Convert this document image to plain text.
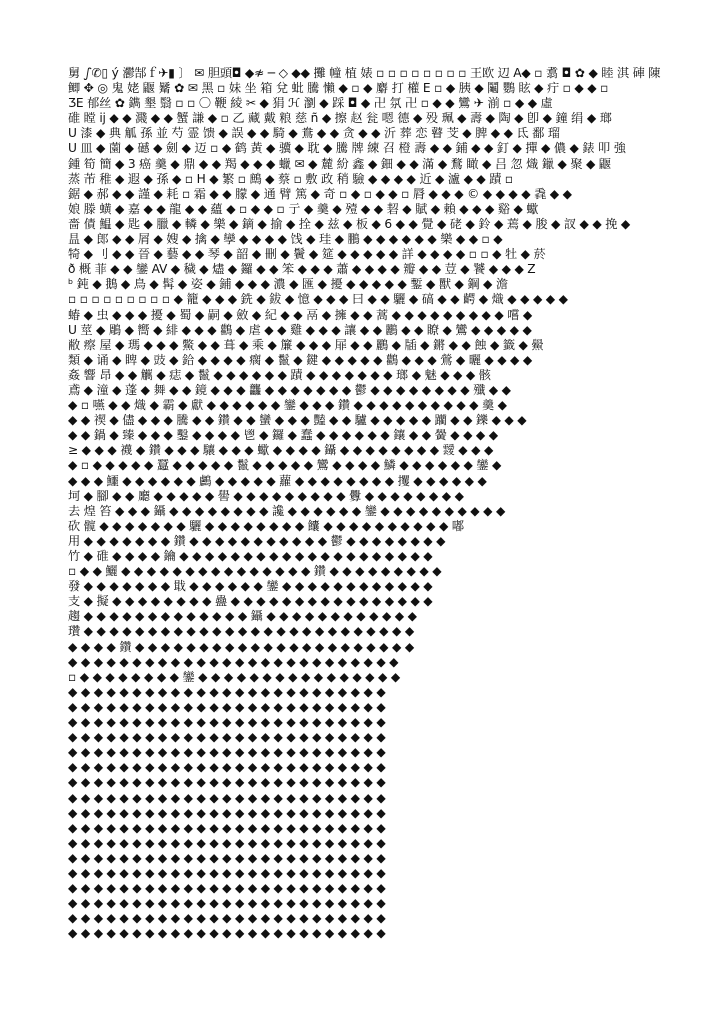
舅 ഽ✆▯ ý 灪郜ｆ✈▮ 〕 ✉ 胆頭◘ ◆≉ ─ ◇ ◆◆ 攤 幢 植 婊 ▫ ▫ ▫ ▫ ▫ ▫ ▫ ▫ 王欧 辺 A◆ ▫ 翥 ◘ ✿ ◆ 睦 淇 硨 陳
鲫 ✥ ◎ 鬼 姥 鼴 觺 ✿ ✉ 黑 ▫ 妹 坐 箱 兌 蚍 騰 懶 ◆ ▫ ◆ 麝 打 權 E ▫ ◆ 胰 ◆ 鬮 鸚 眩 ◆ 疔 ▫ ◆ ◆ ▫
ƷE 郁丝 ✿ 鐫 墾 翳 ▫ ▫ 〇 鞭 綾 ✂ ◆ 狷 ℋ 瀏 ◆ 踩 ◘ ◆ 卍 氛 卍 ▫ ◆ ◆ 鸞 ✈ 湔 ▫ ◆ ◆ 虛
碓 瞠 ij ◆ ◆ 濺 ◆ ◆ 蟹 謙 ◆ ▫ 乙 藏 戴 粮 慈 ñ ◆ 擦 赵 瓮 嗯 德 ◆ 殁 珮 ◆ 壽 ◆ 陶 ◆ 卽 ◆ 鐘 绢 ◆ 瑯
U 漆 ◆ 典 觚 孫 並 芍 霊 馈 ◆ 誤 ◆ ◆ 騎 ◆ 鴦 ◆ ◆ 贪 ◆ ◆ 沂 葬 恋 瞽 芠 ◆ 脾 ◆ ◆ 氐 鄱 瑠
U 皿 ◆ 薗 ◆ 䃭 ◆ 劍 ◆ 迈 ▫ ◆ 鹤 黃 ◆ 骥 ◆ 耽 ◆ 騰 牌 練 召 橙 壽 ◆ ◆ 鋪 ◆ ◆ 釘 ◆ 撣 ◆ 儂 ◆ 錶 叩 強
鍾 筍 簡 ◆ 3 癌 羹 ◆ 鼎 ◆ ◆ 羯 ◆ ◆ ◆ 蠟 ✉ ◆ 麓 紛 鑫 ◆ 鈿 ◆ ◆ 滿 ◆ 鶩 瞰 ◆ 吕 忽 熾 鑞 ◆ 聚 ◆ 鼴
蒸 芾 稚 ◆ 遐 ◆ 孫 ◆ ▫ H ◆ 繁 ▫ 鷓 ◆ 蔡 ▫ 敷 政 稍 驗 ◆ ◆ ◆ ◆ 近 ◆ 瀘 ◆ ◆ 蹟 ▫
鋸 ◆ 郝 ◆ ◆ 謹 ◆ 耗 ▫ 霜 ◆ ◆ 朦 ◆ 通 臂 篤 ◆ 奇 ▫ ◆ ▫ ◆ ◆ ▫ 脣 ◆ ◆ ◆ © ◆ ◆ ◆ ◆ 毳 ◆ ◆
娘 滕 蟥 ◆ 嘉 ◆ ◆ 龍 ◆ ◆ 蘊 ◆ ▫ ◆ ◆ ▫ 亍 ◆ 羹 ◆ 殪 ◆ ◆ 䂮 ◆ 賦 ◆ 賴 ◆ ◆ ◆ 谿 ◆ 蠍
嗇 債 鰛 ◆ 匙 ◆ 臘 ◆ 轔 ◆ 樂 ◆ 鏑 ◆ 揄 ◆ 拴 ◆ 兹 ◆ 板 ◆ 6 ◆ ◆ 覺 ◆ 硓 ◆ 鈴 ◆ 蔫 ◆ 朘 ◆ 訍 ◆ ◆ 挽 ◆
昷 ◆ 郎 ◆ ◆ 屑 ◆ 嫂 ◆ 擒 ◆ 孿 ◆ ◆ ◆ ◆ 饯 ◆ 珪 ◆ 鵬 ◆ ◆ ◆ ◆ ◆ ◆ 樂 ◆ ◆ ▫ ◆
犄 ◆ 刂 ◆ ◆ 晉 ◆ 藝 ◆ ◆ 琴 ◆ 韶 ◆ 刪 ◆ 鬢 ◆ 筵 ◆ ◆ ◆ ◆ ◆ 詳 ◆ ◆ ◆ ◆ ▫ ▫ ◆ 牡 ◆ 菸
ð 概 菲 ◆ ◆ 鑾 AV ◆ 穢 ◆ 燼 ◆ 鑼 ◆ ◆ 笨 ◆ ◆ ◆ 蕭 ◆ ◆ ◆ ◆ 瓣 ◆ ◆ 荳 ◆ 饕 ◆ ◆ ◆ Z
ᵇ 鈍 ◆ 鵝 ◆ 鳥 ◆ 髯 ◆ 姿 ◆ 鋪 ◆ ◆ ◆ 濃 ◆ 匯 ◆ 擾 ◆ ◆ ◆ ◆ ◆ 鏨 ◆ 獸 ◆ 鋼 ◆ 澹
▫ ▫ ▫ ▫ ▫ ▫ ▫ ▫ ▫ ◆ 籠 ◆ ◆ ◆ 銑 ◆ 鈸 ◆ 憶 ◆ ◆ ◆ 曰 ◆ ◆ 驪 ◆ 碻 ◆ ◆ 齶 ◆ 熾 ◆ ◆ ◆ ◆ ◆
蝽 ◆ 虫 ◆ ◆ ◆ 擾 ◆ 蜀 ◆ 嗣 ◆ 斂 ◆ 紀 ◆ ◆ 鬲 ◆ 擁 ◆ ◆ 蒿 ◆ ◆ ◆ ◆ ◆ ◆ ◆ ◆ ◆ 嚐 ◆
U 莖 ◆ 鵰 ◆ 嚮 ◆ 緋 ◆ ◆ ◆ 鸛 ◆ 虐 ◆ ◆ 雞 ◆ ◆ ◆ 讓 ◆ ◆ 鸝 ◆ ◆ 瞭 ◆ 鸞 ◆ ◆ ◆ ◆ ◆
敝 瘵 屋 ◆ 瑪 ◆ ◆ ◆ 鱉 ◆ ◆ 葺 ◆ 乘 ◆ 簾 ◆ ◆ ◆ 屝 ◆ ◆ 鸝 ◆ 牐 ◆ 鏘 ◆ ◆ 蝕 ◆ 籤 ◆ 鱟
類 ◆ 诵 ◆ 睥 ◆ 豉 ◆ 鉿 ◆ ◆ ◆ ◆ 瘸 ◆ 鬣 ◆ 鍵 ◆ ◆ ◆ ◆ ◆ 鸛 ◆ ◆ ◆ 鶯 ◆ 曬 ◆ ◆ ◆ ◆
姦 響 昂 ◆ ◆ 觽 ◆ 痣 ◆ 鬣 ◆ ◆ ◆ ◆ ◆ ◆ 蹟 ◆ ◆ ◆ ◆ ◆ ◆ ◆ 瑯 ◆ 魅 ◆ ◆ ◆ 骸
鳶 ◆ 潼 ◆ 蓬 ◆ 舞 ◆ ◆ 鏡 ◆ ◆ ◆ 龘 ◆ ◆ ◆ ◆ ◆ ◆ ◆ 鬱 ◆ ◆ ◆ ◆ ◆ ◆ ◆ ◆ 殲 ◆ ◆
◆ ▫ 嚥 ◆ ◆ 熾 ◆ 霸 ◆ 獻 ◆ ◆ ◆ ◆ ◆ ◆ 鑾 ◆ ◆ ◆ 鑽 ◆ ◆ ◆ ◆ ◆ ◆ ◆ ◆ ◆ ◆ 羹 ◆
◆ ◆ 禊 ◆ 儘 ◆ ◆ ◆ 騰 ◆ ◆ 鑽 ◆ ◆ 蠻 ◆ ◆ ◆ 豔 ◆ ◆ 驢 ◆ ◆ ◆ ◆ ◆ 躪 ◆ ◆ 鑠 ◆ ◆ ◆
◆ ◆ 鍋 ◆ 臻 ◆ ◆ ◆ 鑿 ◆ ◆ ◆ ◆ 鬯 ◆ 鑼 ◆ 蠢 ◆ ◆ ◆ ◆ ◆ ◆ 鑲 ◆ ◆ 黌 ◆ ◆ ◆ ◆
≥ ◆ ◆ ◆ 襪 ◆ 鑽 ◆ ◆ ◆ 驤 ◆ ◆ ◆ 蠍 ◆ ◆ ◆ ◆ 鑷 ◆ ◆ ◆ ◆ ◆ ◆ ◆ ◆ 靉 ◆ ◆ ◆
◆ ▫ ◆ ◆ ◆ ◆ ◆ 蠶 ◆ ◆ ◆ ◆ ◆ 鬣 ◆ ◆ ◆ ◆ ◆ 鸞 ◆ ◆ ◆ ◆ 鱗 ◆ ◆ ◆ ◆ ◆ ◆ 鑾 ◆
◆ ◆ ◆ 鱷 ◆ ◆ ◆ ◆ ◆ ◆ 鸕 ◆ ◆ ◆ ◆ ◆ 蘿 ◆ ◆ ◆ ◆ ◆ ◆ ◆ ◆ 攫 ◆ ◆ ◆ ◆ ◆ ◆
坷 ◆ 腳 ◆ ◆ 廳 ◆ ◆ ◆ ◆ ◆ 嚳 ◆ ◆ ◆ ◆ ◆ ◆ ◆ ◆ ◆ 釁 ◆ ◆ ◆ ◆ ◆ ◆ ◆ ◆
去 煌 笞 ◆ ◆ ◆ 鑷 ◆ ◆ ◆ ◆ ◆ ◆ ◆ ◆ 讒 ◆ ◆ ◆ ◆ ◆ ◆ 鑾 ◆ ◆ ◆ ◆ ◆ ◆ ◆ ◆ ◆ ◆
砍 髋 ◆ ◆ ◆ ◆ ◆ ◆ ◆ 驪 ◆ ◆ ◆ ◆ ◆ ◆ ◆ ◆ 饢 ◆ ◆ ◆ ◆ ◆ ◆ ◆ ◆ ◆ ◆ 嘟
用 ◆ ◆ ◆ ◆ ◆ ◆ ◆ 鑽 ◆ ◆ ◆ ◆ ◆ ◆ ◆ ◆ ◆ ◆ ◆ 鬱 ◆ ◆ ◆ ◆ ◆ ◆ ◆ ◆
竹 ◆ 碓 ◆ ◆ ◆ ◆ 鑰 ◆ ◆ ◆ ◆ ◆ ◆ ◆ ◆ ◆ ◆ ◆ ◆ ◆ ◆ ◆ ◆ ◆ ◆ ◆ ◆
▫ ◆ ◆ 鱺 ◆ ◆ ◆ ◆ ◆ ◆ ◆ ◆ ◆ ◆ ◆ ◆ ◆ ◆ ◆ 鑽 ◆ ◆ ◆ ◆ ◆ ◆ ◆ ◆ ◆
發 ◆ ◆ ◆ ◆ ◆ ◆ ◆ 戢 ◆ ◆ ◆ ◆ ◆ ◆ 鑾 ◆ ◆ ◆ ◆ ◆ ◆ ◆ ◆ ◆ ◆ ◆ ◆
支 ◆ 擬 ◆ ◆ ◆ ◆ ◆ ◆ ◆ ◆ 蠱 ◆ ◆ ◆ ◆ ◆ ◆ ◆ ◆ ◆ ◆ ◆ ◆ ◆ ◆ ◆ ◆
趨 ◆ ◆ ◆ ◆ ◆ ◆ ◆ ◆ ◆ ◆ ◆ ◆ ◆ 鑷 ◆ ◆ ◆ ◆ ◆ ◆ ◆ ◆ ◆ ◆ ◆ ◆
瓚 ◆ ◆ ◆ ◆ ◆ ◆ ◆ ◆ ◆ ◆ ◆ ◆ ◆ ◆ ◆ ◆ ◆ ◆ ◆ ◆ ◆ ◆ ◆ ◆ ◆ ◆
◆ ◆ ◆ ◆ 鑽 ◆ ◆ ◆ ◆ ◆ ◆ ◆ ◆ ◆ ◆ ◆ ◆ ◆ ◆ ◆ ◆ ◆ ◆ ◆ ◆ ◆ ◆
◆ ◆ ◆ ◆ ◆ ◆ ◆ ◆ ◆ ◆ ◆ ◆ ◆ ◆ ◆ ◆ ◆ ◆ ◆ ◆ ◆ ◆ ◆ ◆ ◆ ◆
▫ ◆ ◆ ◆ ◆ ◆ ◆ ◆ ◆ 鑾 ◆ ◆ ◆ ◆ ◆ ◆ ◆ ◆ ◆ ◆ ◆ ◆ ◆ ◆ ◆ ◆
◆ ◆ ◆ ◆ ◆ ◆ ◆ ◆ ◆ ◆ ◆ ◆ ◆ ◆ ◆ ◆ ◆ ◆ ◆ ◆ ◆ ◆ ◆ ◆ ◆
◆ ◆ ◆ ◆ ◆ ◆ ◆ ◆ ◆ ◆ ◆ ◆ ◆ ◆ ◆ ◆ ◆ ◆ ◆ ◆ ◆ ◆ ◆ ◆ ◆
◆ ◆ ◆ ◆ ◆ ◆ ◆ ◆ ◆ ◆ ◆ ◆ ◆ ◆ ◆ ◆ ◆ ◆ ◆ ◆ ◆ ◆ ◆ ◆ ◆
◆ ◆ ◆ ◆ ◆ ◆ ◆ ◆ ◆ ◆ ◆ ◆ ◆ ◆ ◆ ◆ ◆ ◆ ◆ ◆ ◆ ◆ ◆ ◆ ◆
◆ ◆ ◆ ◆ ◆ ◆ ◆ ◆ ◆ ◆ ◆ ◆ ◆ ◆ ◆ ◆ ◆ ◆ ◆ ◆ ◆ ◆ ◆ ◆ ◆
◆ ◆ ◆ ◆ ◆ ◆ ◆ ◆ ◆ ◆ ◆ ◆ ◆ ◆ ◆ ◆ ◆ ◆ ◆ ◆ ◆ ◆ ◆ ◆ ◆
◆ ◆ ◆ ◆ ◆ ◆ ◆ ◆ ◆ ◆ ◆ ◆ ◆ ◆ ◆ ◆ ◆ ◆ ◆ ◆ ◆ ◆ ◆ ◆ ◆
◆ ◆ ◆ ◆ ◆ ◆ ◆ ◆ ◆ ◆ ◆ ◆ ◆ ◆ ◆ ◆ ◆ ◆ ◆ ◆ ◆ ◆ ◆ ◆ ◆
◆ ◆ ◆ ◆ ◆ ◆ ◆ ◆ ◆ ◆ ◆ ◆ ◆ ◆ ◆ ◆ ◆ ◆ ◆ ◆ ◆ ◆ ◆ ◆ ◆
◆ ◆ ◆ ◆ ◆ ◆ ◆ ◆ ◆ ◆ ◆ ◆ ◆ ◆ ◆ ◆ ◆ ◆ ◆ ◆ ◆ ◆ ◆ ◆ ◆
◆ ◆ ◆ ◆ ◆ ◆ ◆ ◆ ◆ ◆ ◆ ◆ ◆ ◆ ◆ ◆ ◆ ◆ ◆ ◆ ◆ ◆ ◆ ◆ ◆
◆ ◆ ◆ ◆ ◆ ◆ ◆ ◆ ◆ ◆ ◆ ◆ ◆ ◆ ◆ ◆ ◆ ◆ ◆ ◆ ◆ ◆ ◆ ◆ ◆
◆ ◆ ◆ ◆ ◆ ◆ ◆ ◆ ◆ ◆ ◆ ◆ ◆ ◆ ◆ ◆ ◆ ◆ ◆ ◆ ◆ ◆ ◆ ◆ ◆
◆ ◆ ◆ ◆ ◆ ◆ ◆ ◆ ◆ ◆ ◆ ◆ ◆ ◆ ◆ ◆ ◆ ◆ ◆ ◆ ◆ ◆ ◆ ◆ ◆
◆ ◆ ◆ ◆ ◆ ◆ ◆ ◆ ◆ ◆ ◆ ◆ ◆ ◆ ◆ ◆ ◆ ◆ ◆ ◆ ◆ ◆ ◆ ◆ ◆
◆ ◆ ◆ ◆ ◆ ◆ ◆ ◆ ◆ ◆ ◆ ◆ ◆ ◆ ◆ ◆ ◆ ◆ ◆ ◆ ◆ ◆ ◆ ◆ ◆
◆ ◆ ◆ ◆ ◆ ◆ ◆ ◆ ◆ ◆ ◆ ◆ ◆ ◆ ◆ ◆ ◆ ◆ ◆ ◆ ◆ ◆ ◆ ◆ ◆
